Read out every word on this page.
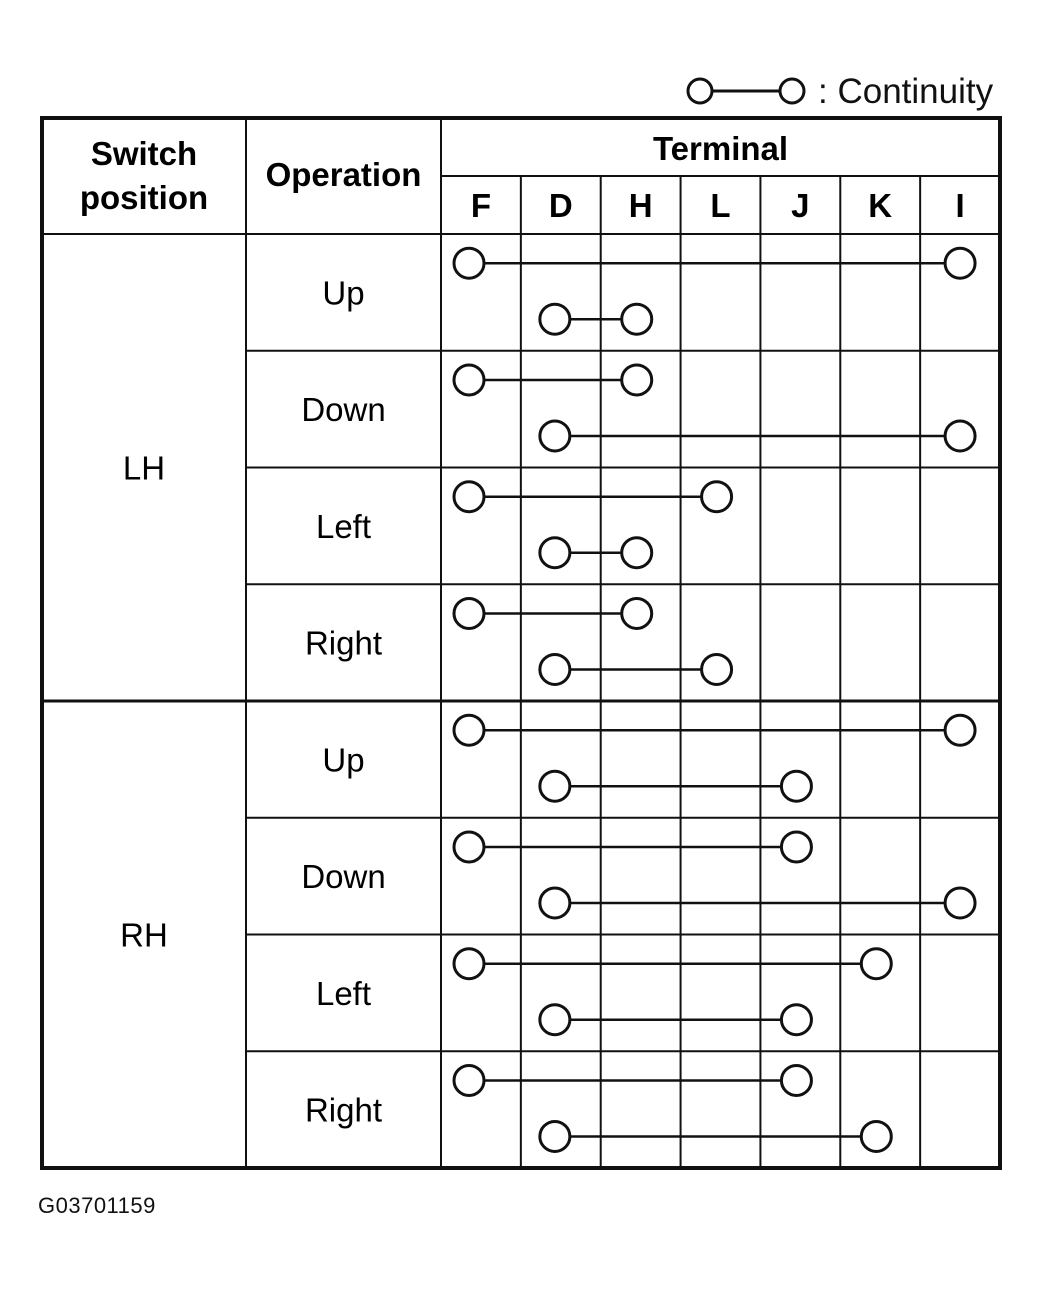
: Continuity
Switch
position
Operation
Terminal
F D H L J K I
LH
Up
Down
Left
Right
RH
Up
Down
Left
Right
G03701159
